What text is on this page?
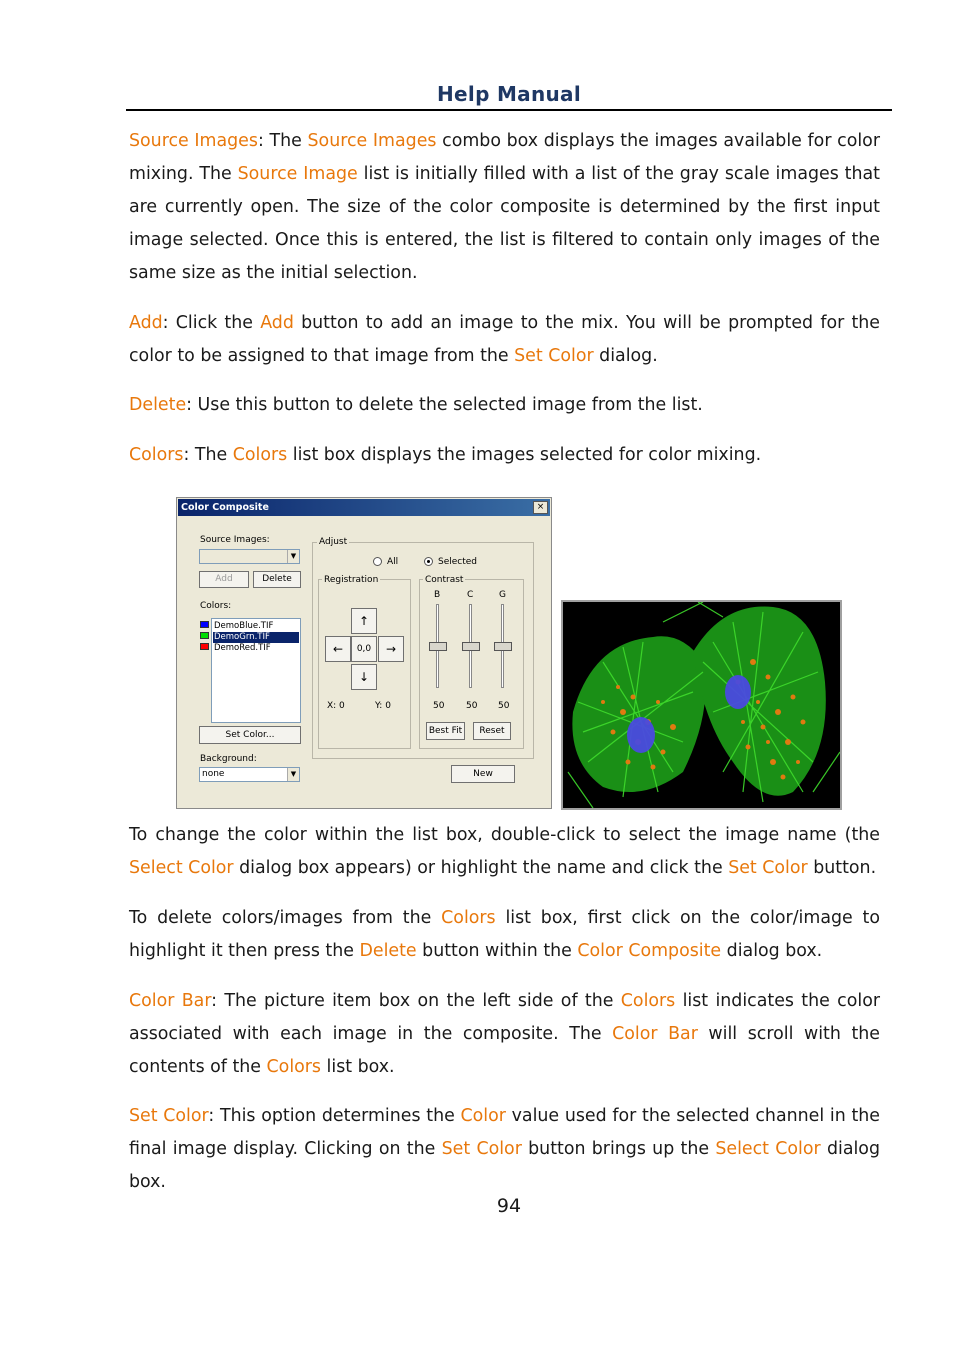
Help Manual

Source Images: The Source Images combo box displays the images available for color mixing. The Source Image list is initially filled with a list of the gray scale images that are currently open. The size of the color composite is determined by the first input image selected. Once this is entered, the list is filtered to contain only images of the same size as the initial selection.

Add: Click the Add button to add an image to the mix. You will be prompted for the color to be assigned to that image from the Set Color dialog.

Delete: Use this button to delete the selected image from the list.

Colors: The Colors list box displays the images selected for color mixing.

Color Composite	×
Source Images:
▼
Add	Delete
Colors:
DemoBlue.TIF
DemoGrn.TIF
DemoRed.TIF
Set Color...
Background:
none	▼
Adjust
All	Selected
Registration
↑
←	0,0	→
↓
X: 0	Y: 0
Contrast
B	C	G
50 50 50
Best Fit	Reset
New

To change the color within the list box, double-click to select the image name (the Select Color dialog box appears) or highlight the name and click the Set Color button.

To delete colors/images from the Colors list box, first click on the color/image to highlight it then press the Delete button within the Color Composite dialog box.

Color Bar: The picture item box on the left side of the Colors list indicates the color associated with each image in the composite. The Color Bar will scroll with the contents of the Colors list box.

Set Color: This option determines the Color value used for the selected channel in the final image display. Clicking on the Set Color button brings up the Select Color dialog box.

94
